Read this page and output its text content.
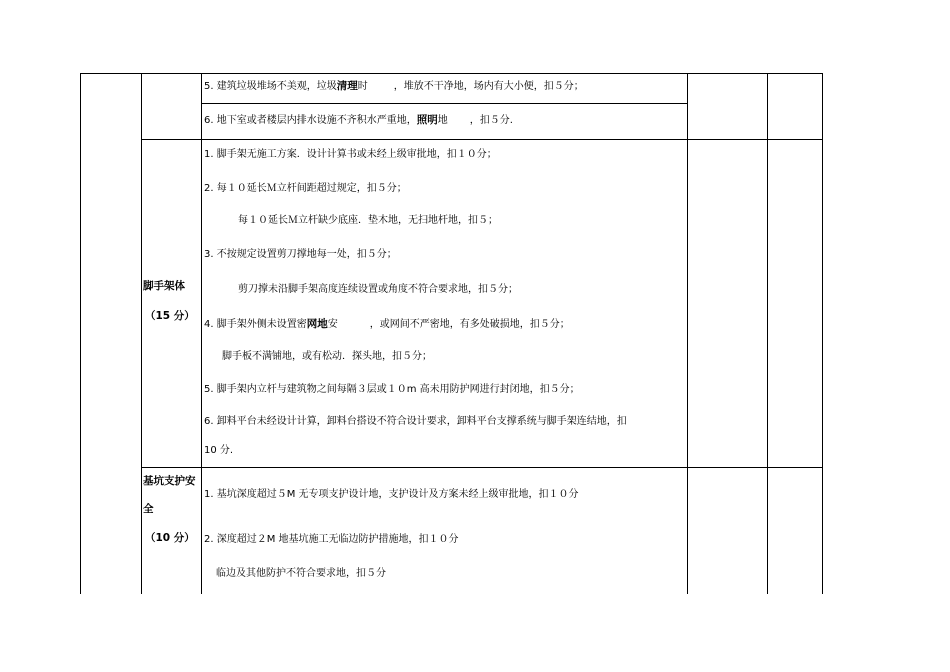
5. 建筑垃圾堆场不美观，垃圾清理时	，堆放不干净地，场内有大小便，扣５分；
6. 地下室或者楼层内排水设施不齐积水严重地，照明地 ，扣５分.
脚手架体
（15 分）
1. 脚手架无施工方案．设计计算书或未经上级审批地，扣１０分；
2. 每１０延长Ｍ立杆间距超过规定，扣５分；
每１０延长Ｍ立杆缺少底座．垫木地，无扫地杆地，扣５；
3. 不按规定设置剪刀撑地每一处，扣５分；
剪刀撑未沿脚手架高度连续设置或角度不符合要求地，扣５分；
4. 脚手架外侧未设置密网地安	，或网间不严密地，有多处破损地，扣５分；
脚手板不满铺地，或有松动．探头地，扣５分；
5. 脚手架内立杆与建筑物之间每隔３层或１０m 高未用防护网进行封闭地，扣５分；
6. 卸料平台未经设计计算，卸料台搭设不符合设计要求，卸料平台支撑系统与脚手架连结地，扣
10 分.
基坑支护安
全
（10 分）
1. 基坑深度超过５M 无专项支护设计地，支护设计及方案未经上级审批地，扣１０分
2. 深度超过２M 地基坑施工无临边防护措施地，扣１０分
临边及其他防护不符合要求地，扣５分
